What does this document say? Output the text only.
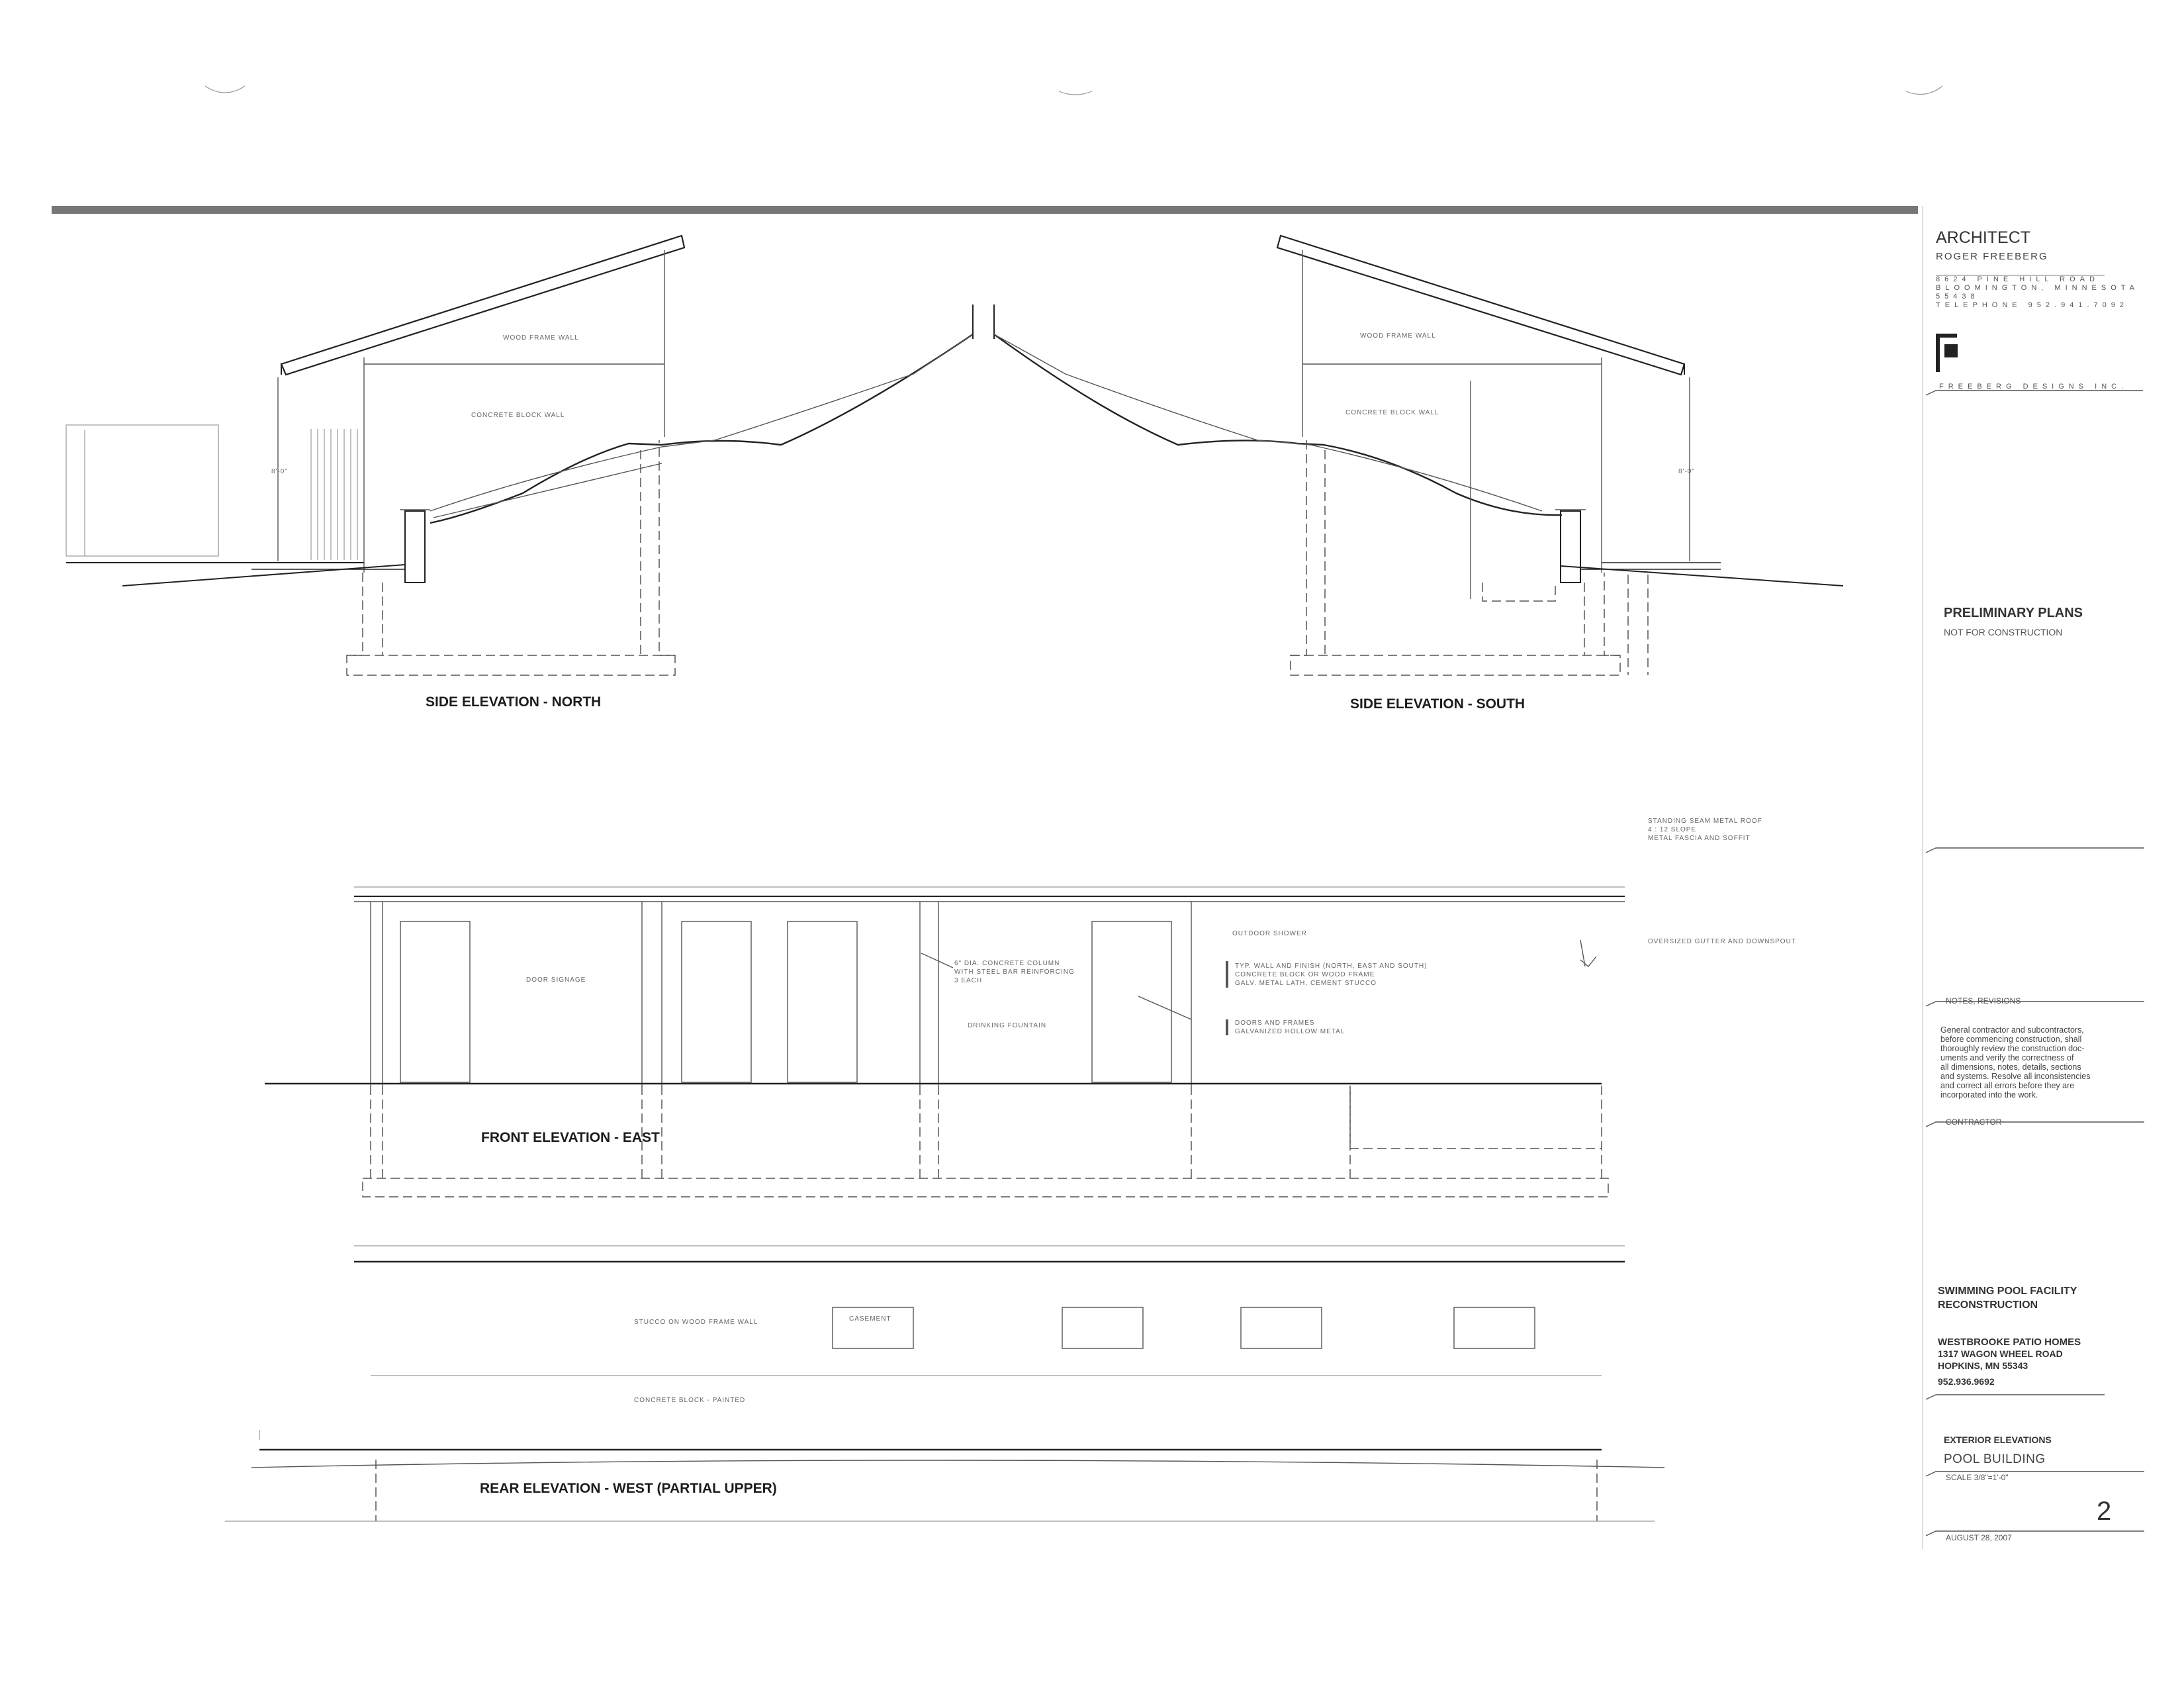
WOOD FRAME WALL
CONCRETE BLOCK WALL
8'-0"
SIDE ELEVATION - NORTH
WOOD FRAME WALL
CONCRETE BLOCK WALL
8'-0"
SIDE ELEVATION - SOUTH
STANDING SEAM METAL ROOF
4 : 12 SLOPE
METAL FASCIA AND SOFFIT
OVERSIZED GUTTER AND DOWNSPOUT
OUTDOOR SHOWER
DOOR SIGNAGE
6" DIA. CONCRETE COLUMN
WITH STEEL BAR REINFORCING
3 EACH
DRINKING FOUNTAIN
TYP. WALL AND FINISH (NORTH, EAST AND SOUTH)
CONCRETE BLOCK OR WOOD FRAME
GALV. METAL LATH, CEMENT STUCCO
DOORS AND FRAMES
GALVANIZED HOLLOW METAL
FRONT ELEVATION - EAST
STUCCO ON WOOD FRAME WALL	CASEMENT
CONCRETE BLOCK - PAINTED
REAR ELEVATION - WEST (PARTIAL UPPER)
ARCHITECT
ROGER FREEBERG
8624 PINE HILL ROAD
BLOOMINGTON, MINNESOTA
55438
TELEPHONE 952.941.7092
FREEBERG DESIGNS INC.
PRELIMINARY PLANS
NOT FOR CONSTRUCTION
NOTES, REVISIONS
General contractor and subcontractors,
before commencing construction, shall
thoroughly review the construction doc-
uments and verify the correctness of
all dimensions, notes, details, sections
and systems. Resolve all inconsistencies
and correct all errors before they are
incorporated into the work.
CONTRACTOR
SWIMMING POOL FACILITY
RECONSTRUCTION
WESTBROOKE PATIO HOMES
1317 WAGON WHEEL ROAD
HOPKINS, MN 55343
952.936.9692
EXTERIOR ELEVATIONS
POOL BUILDING
SCALE 3/8"=1'-0"
2
AUGUST 28, 2007
